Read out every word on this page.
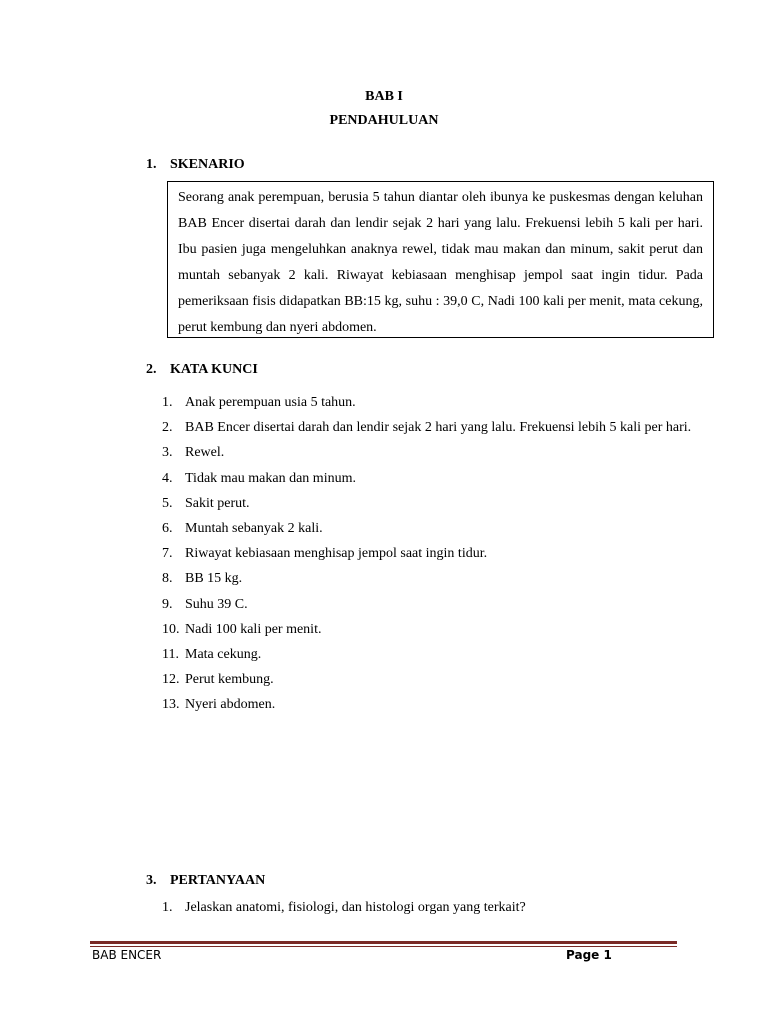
BAB I
PENDAHULUAN
1. SKENARIO

Seorang anak perempuan, berusia 5 tahun diantar oleh ibunya ke puskesmas dengan keluhan BAB Encer disertai darah dan lendir sejak 2 hari yang lalu. Frekuensi lebih 5 kali per hari. Ibu pasien juga mengeluhkan anaknya rewel, tidak mau makan dan minum, sakit perut dan muntah sebanyak 2 kali. Riwayat kebiasaan menghisap jempol saat ingin tidur. Pada pemeriksaan fisis didapatkan BB:15 kg, suhu : 39,0 C, Nadi 100 kali per menit, mata cekung, perut kembung dan nyeri abdomen.

2. KATA KUNCI
1. Anak perempuan usia 5 tahun.
2. BAB Encer disertai darah dan lendir sejak 2 hari yang lalu. Frekuensi lebih 5 kali per hari.
3. Rewel.
4. Tidak mau makan dan minum.
5. Sakit perut.
6. Muntah sebanyak 2 kali.
7. Riwayat kebiasaan menghisap jempol saat ingin tidur.
8. BB 15 kg.
9. Suhu 39 C.
10. Nadi 100 kali per menit.
11. Mata cekung.
12. Perut kembung.
13. Nyeri abdomen.
3. PERTANYAAN
1. Jelaskan anatomi, fisiologi, dan histologi organ yang terkait?
BAB ENCER	Page 1
